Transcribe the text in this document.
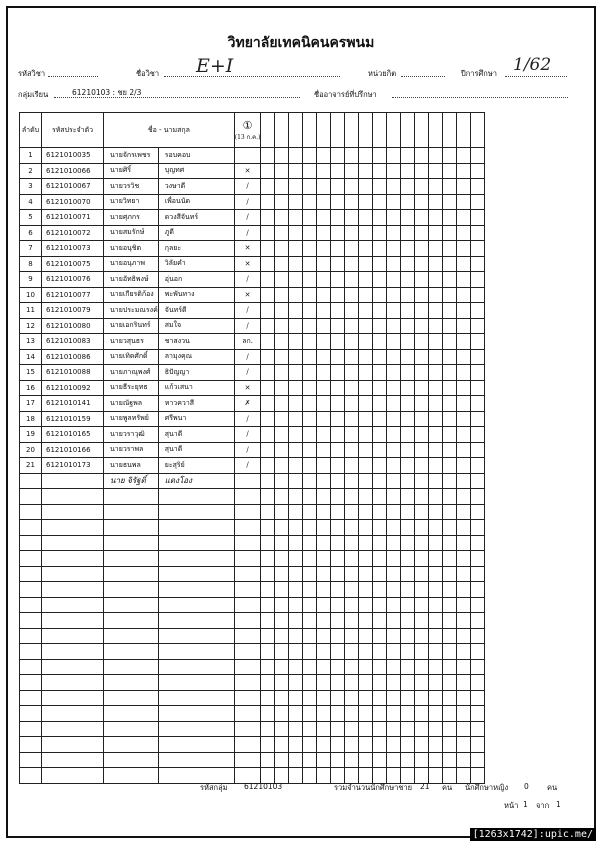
วิทยาลัยเทคนิคนครพนม
รหัสวิชา	ชื่อวิชา E+I	หน่วยกิต	ปีการศึกษา 1/62
กลุ่มเรียน	61210103 : ชย 2/3	ชื่ออาจารย์ที่ปรึกษา
ลำดับ	รหัสประจำตัว	ชื่อ - นามสกุล		①
(13 ก.ค.)																

1	6121010035	นายจักรเพชร	รอบคอบ																	
2	6121010066	นายศิริ์	บุญทศ	✕																
3	6121010067	นายวรวิช	วงษาดี	/																
4	6121010070	นายวิทยา	เพื่อนนัด	/																
5	6121010071	นายศุภกร	ดวงสีจันทร์	/																
6	6121010072	นายสมรักษ์	ภูดี	/																
7	6121010073	นายอนุชิต	กุลยะ	✕																
8	6121010075	นายอนุภาพ	วิลัยคำ	✕																
9	6121010076	นายอัทธิพงษ์	อุ่นอก	/																
10	6121010077	นายเกียรติก้อง	พะพันทาง	✕																
11	6121010079	นายประมณรงค์	จันทร์ดี	/																
12	6121010080	นายเอกรินทร์	สมใจ	/																
13	6121010083	นายวสุนธร	ชาสงวน	ลก.																
14	6121010086	นายเทิดศักดิ์	ลามุงคุณ	/																
15	6121010088	นายภาณุพงศ์	ธิปัญญา	/																
16	6121010092	นายธีระยุทธ	แก้วเสนา	✕																
17	6121010141	นายณัฐพล	หาวควาสี	✗																
18	6121010159	นายพูลทรัพย์	ศรีพนา	/																
19	6121010165	นายวราวุฒิ	สุนาดี	/																
20	6121010166	นายวราพล	สุนาดี	/																
21	6121010173	นายธนพล	ยะสุริย์	/																
		นาย จิรัฐติ์	แดงโอง																	

รหัสกลุ่ม 61210103	รวมจำนวนนักศึกษาชาย 21 คน นักศึกษาหญิง 0 คน
หน้า 1 จาก 1
[1263x1742]:upic.me/
